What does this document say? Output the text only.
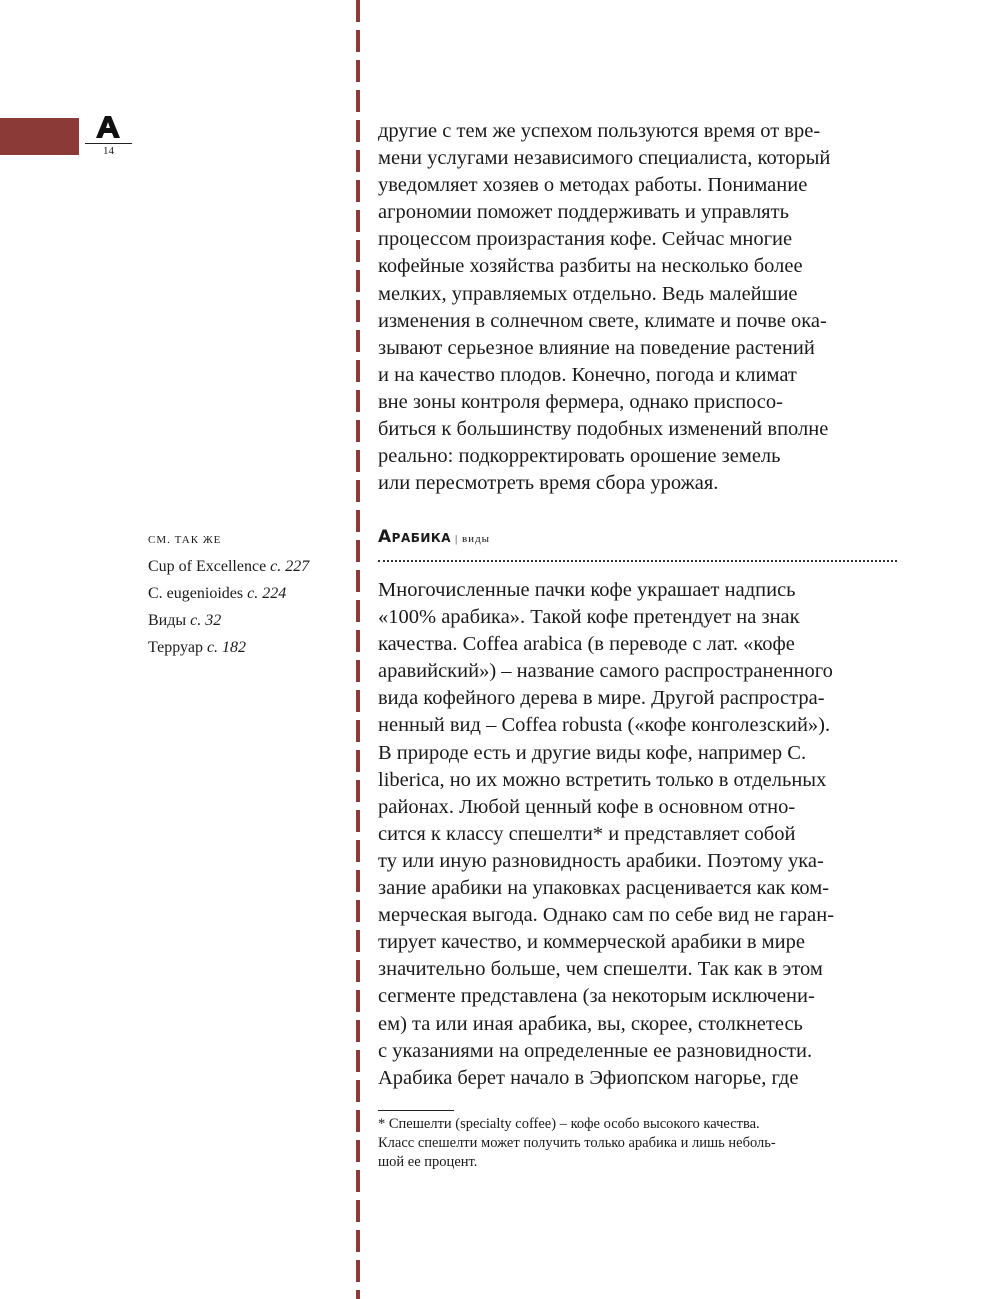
14
другие с тем же успехом пользуются время от вре-
мени услугами независимого специалиста, который
уведомляет хозяев о методах работы. Понимание
агрономии поможет поддерживать и управлять
процессом произрастания кофе. Сейчас многие
кофейные хозяйства разбиты на несколько более
мелких, управляемых отдельно. Ведь малейшие
изменения в солнечном свете, климате и почве ока-
зывают серьезное влияние на поведение растений
и на качество плодов. Конечно, погода и климат
вне зоны контроля фермера, однако приспосо-
биться к большинству подобных изменений вполне
реально: подкорректировать орошение земель
или пересмотреть время сбора урожая.
Арабика | виды
СМ. ТАК ЖЕ
Cup of Excellence с. 227
C. eugenioides с. 224
Виды с. 32
Терруар с. 182
Многочисленные пачки кофе украшает надпись
«100% арабика». Такой кофе претендует на знак
качества. Coffea arabica (в переводе с лат. «кофе
аравийский») – название самого распространенного
вида кофейного дерева в мире. Другой распростра-
ненный вид – Coffea robusta («кофе конголезский»).
В природе есть и другие виды кофе, например C.
liberica, но их можно встретить только в отдельных
районах. Любой ценный кофе в основном отно-
сится к классу спешелти* и представляет собой
ту или иную разновидность арабики. Поэтому ука-
зание арабики на упаковках расценивается как ком-
мерческая выгода. Однако сам по себе вид не гаран-
тирует качество, и коммерческой арабики в мире
значительно больше, чем спешелти. Так как в этом
сегменте представлена (за некоторым исключени-
ем) та или иная арабика, вы, скорее, столкнетесь
с указаниями на определенные ее разновидности.
Арабика берет начало в Эфиопском нагорье, где
* Спешелти (specialty coffee) – кофе особо высокого качества.
Класс спешелти может получить только арабика и лишь неболь-
шой ее процент.
